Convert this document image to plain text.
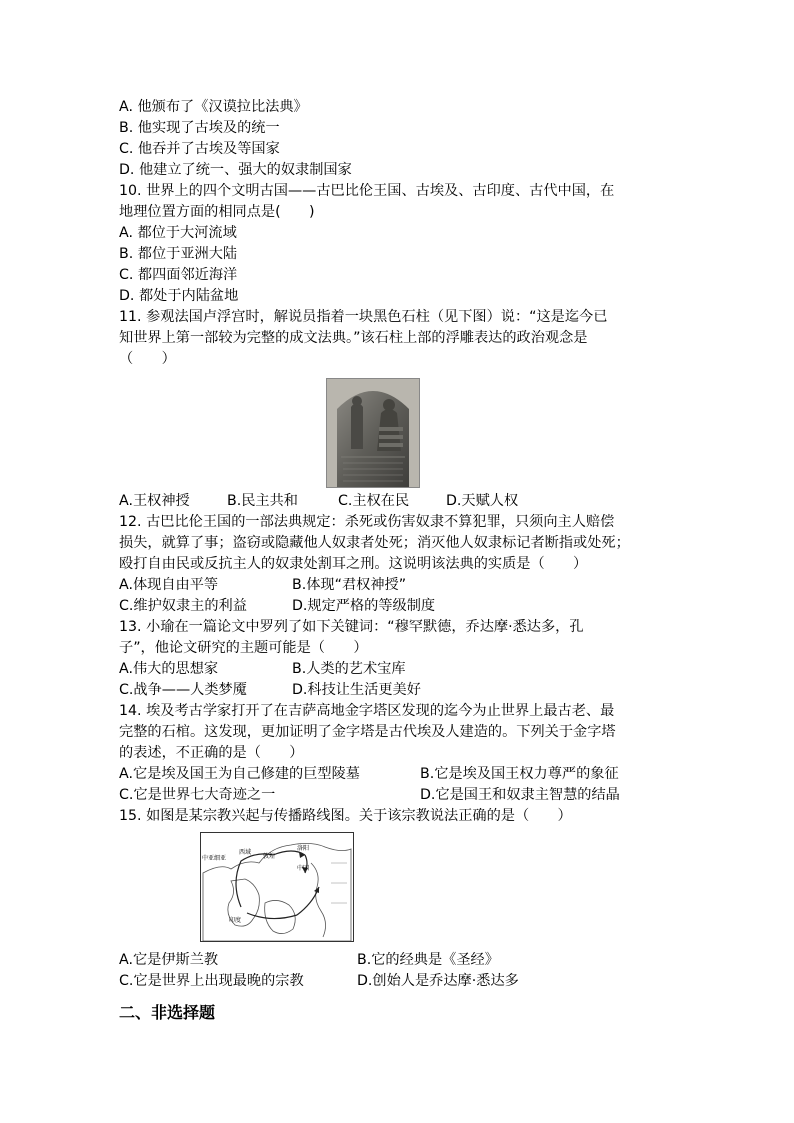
A. 他颁布了《汉谟拉比法典》
B. 他实现了古埃及的统一
C. 他吞并了古埃及等国家
D. 他建立了统一、强大的奴隶制国家
10. 世界上的四个文明古国——古巴比伦王国、古埃及、古印度、古代中国，在
地理位置方面的相同点是(　　)
A. 都位于大河流域
B. 都位于亚洲大陆
C. 都四面邻近海洋
D. 都处于内陆盆地
11. 参观法国卢浮宫时，解说员指着一块黑色石柱（见下图）说：“这是迄今已
知世界上第一部较为完整的成文法典。”该石柱上部的浮雕表达的政治观念是
（　　）
A.王权神授	B.民主共和	C.主权在民	D.天赋人权
12. 古巴比伦王国的一部法典规定：杀死或伤害奴隶不算犯罪，只须向主人赔偿
损失，就算了事；盗窃或隐藏他人奴隶者处死；消灭他人奴隶标记者断指或处死；
殴打自由民或反抗主人的奴隶处割耳之刑。这说明该法典的实质是（　　）
A.体现自由平等	B.体现“君权神授”
C.维护奴隶主的利益	D.规定严格的等级制度
13. 小瑜在一篇论文中罗列了如下关键词：“穆罕默德，乔达摩·悉达多，孔
子”，他论文研究的主题可能是（　　）
A.伟大的思想家	B.人类的艺术宝库
C.战争——人类梦魇	D.科技让生活更美好
14. 埃及考古学家打开了在吉萨高地金字塔区发现的迄今为止世界上最古老、最
完整的石棺。这发现，更加证明了金字塔是古代埃及人建造的。下列关于金字塔
的表述，不正确的是（　　）
A.它是埃及国王为自己修建的巨型陵墓	B.它是埃及国王权力尊严的象征
C.它是世界七大奇迹之一	D.它是国王和奴隶主智慧的结晶
15. 如图是某宗教兴起与传播路线图。关于该宗教说法正确的是（　　）
中亚细亚
西域
敦煌
洛阳
中国
印度
A.它是伊斯兰教	B.它的经典是《圣经》
C.它是世界上出现最晚的宗教	D.创始人是乔达摩·悉达多
二、非选择题
